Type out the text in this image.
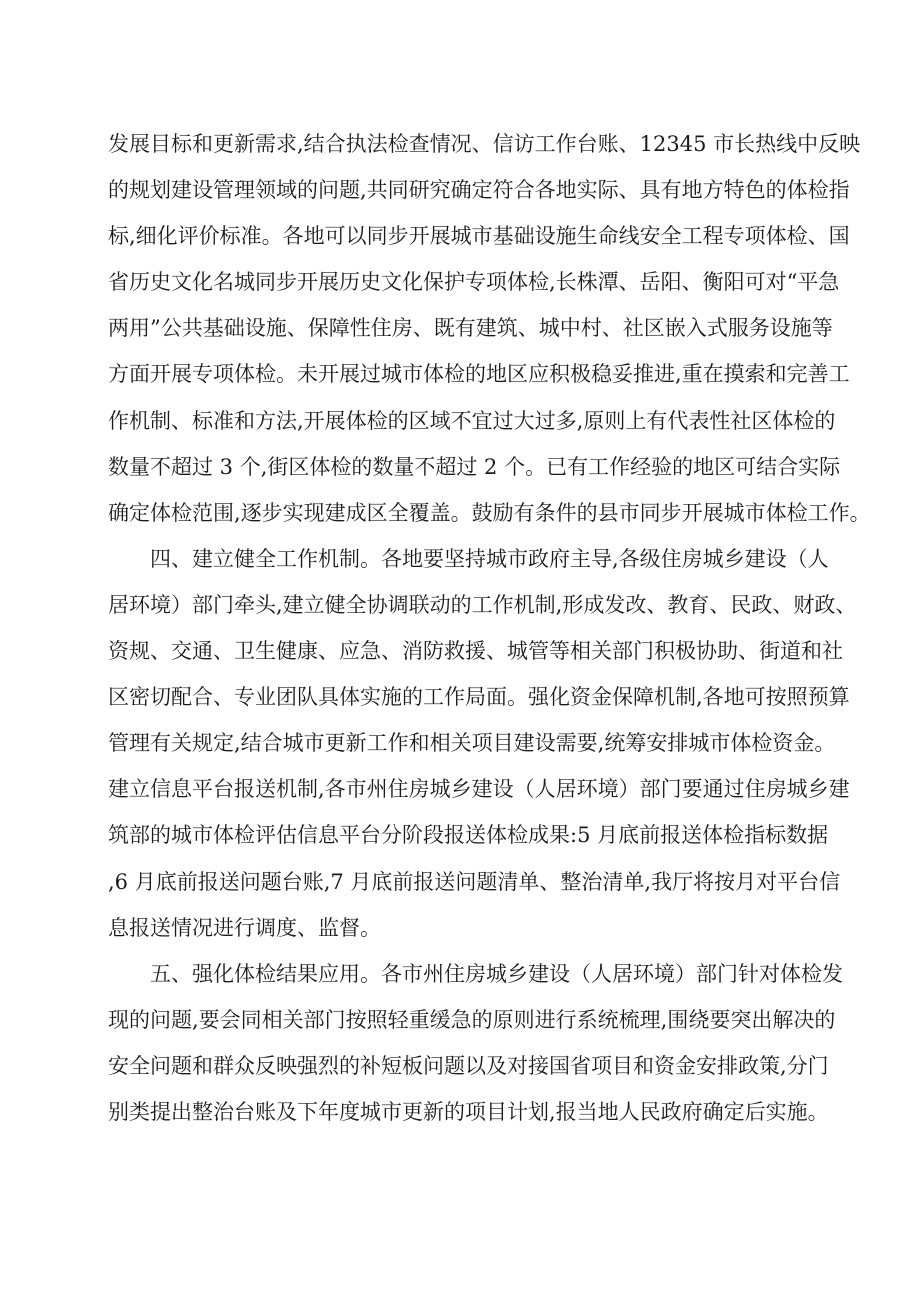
发展目标和更新需求,结合执法检查情况、信访工作台账、12345 市长热线中反映
的规划建设管理领域的问题,共同研究确定符合各地实际、具有地方特色的体检指
标,细化评价标准。各地可以同步开展城市基础设施生命线安全工程专项体检、国
省历史文化名城同步开展历史文化保护专项体检,长株潭、岳阳、衡阳可对“平急
两用”公共基础设施、保障性住房、既有建筑、城中村、社区嵌入式服务设施等
方面开展专项体检。未开展过城市体检的地区应积极稳妥推进,重在摸索和完善工
作机制、标准和方法,开展体检的区域不宜过大过多,原则上有代表性社区体检的
数量不超过 3 个,街区体检的数量不超过 2 个。已有工作经验的地区可结合实际
确定体检范围,逐步实现建成区全覆盖。鼓励有条件的县市同步开展城市体检工作。
四、建立健全工作机制。各地要坚持城市政府主导,各级住房城乡建设（人
居环境）部门牵头,建立健全协调联动的工作机制,形成发改、教育、民政、财政、
资规、交通、卫生健康、应急、消防救援、城管等相关部门积极协助、街道和社
区密切配合、专业团队具体实施的工作局面。强化资金保障机制,各地可按照预算
管理有关规定,结合城市更新工作和相关项目建设需要,统筹安排城市体检资金。
建立信息平台报送机制,各市州住房城乡建设（人居环境）部门要通过住房城乡建
筑部的城市体检评估信息平台分阶段报送体检成果:5 月底前报送体检指标数据
,6 月底前报送问题台账,7 月底前报送问题清单、整治清单,我厅将按月对平台信
息报送情况进行调度、监督。
五、强化体检结果应用。各市州住房城乡建设（人居环境）部门针对体检发
现的问题,要会同相关部门按照轻重缓急的原则进行系统梳理,围绕要突出解决的
安全问题和群众反映强烈的补短板问题以及对接国省项目和资金安排政策,分门
别类提出整治台账及下年度城市更新的项目计划,报当地人民政府确定后实施。
